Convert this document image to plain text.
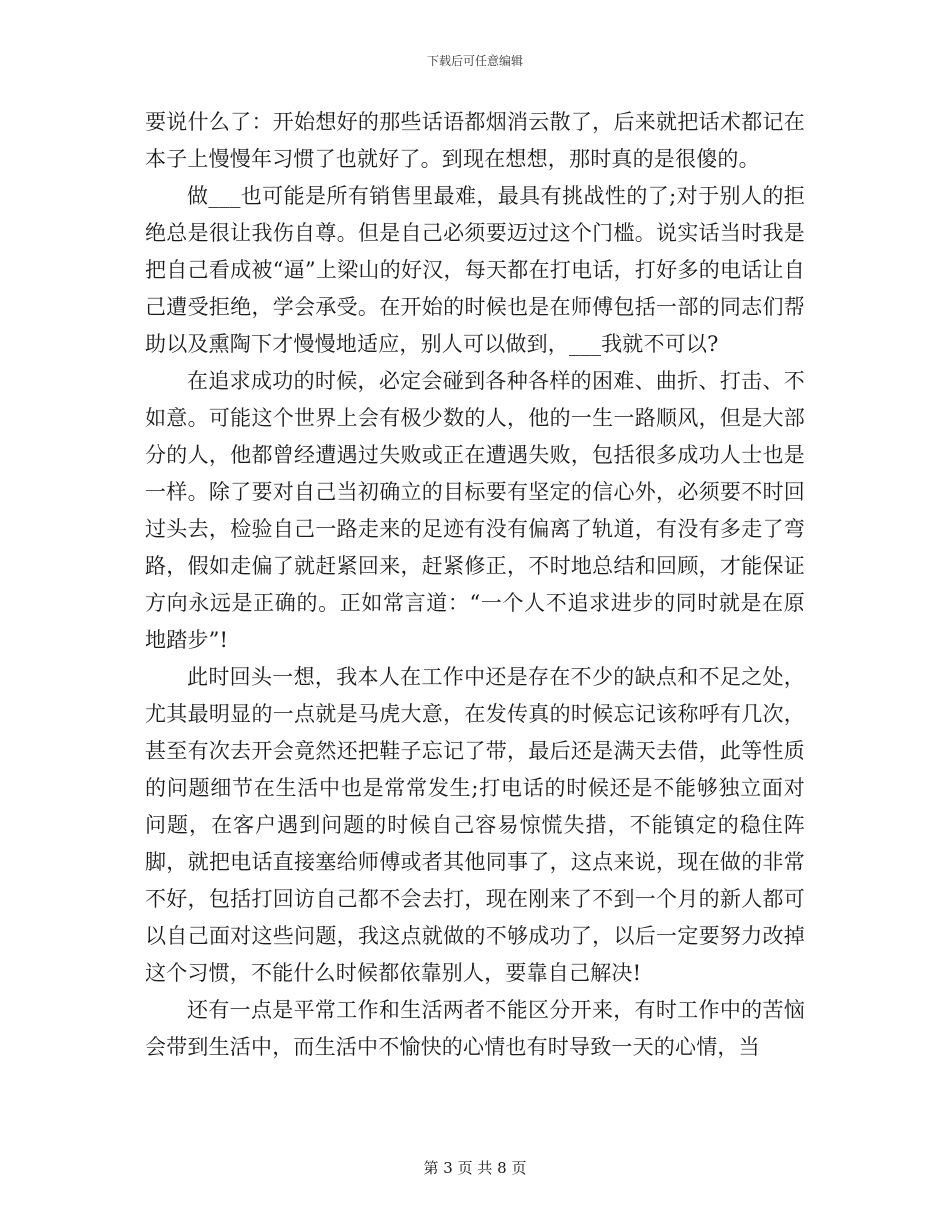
下载后可任意编辑

要说什么了：开始想好的那些话语都烟消云散了，后来就把话术都记在本子上慢慢年习惯了也就好了。到现在想想，那时真的是很傻的。

做___也可能是所有销售里最难，最具有挑战性的了;对于别人的拒绝总是很让我伤自尊。但是自己必须要迈过这个门槛。说实话当时我是把自己看成被“逼”上梁山的好汉，每天都在打电话，打好多的电话让自己遭受拒绝，学会承受。在开始的时候也是在师傅包括一部的同志们帮助以及熏陶下才慢慢地适应，别人可以做到，___我就不可以?

在追求成功的时候，必定会碰到各种各样的困难、曲折、打击、不如意。可能这个世界上会有极少数的人，他的一生一路顺风，但是大部分的人，他都曾经遭遇过失败或正在遭遇失败，包括很多成功人士也是一样。除了要对自己当初确立的目标要有坚定的信心外，必须要不时回过头去，检验自己一路走来的足迹有没有偏离了轨道，有没有多走了弯路，假如走偏了就赶紧回来，赶紧修正，不时地总结和回顾，才能保证方向永远是正确的。正如常言道：“一个人不追求进步的同时就是在原地踏步”!

此时回头一想，我本人在工作中还是存在不少的缺点和不足之处，尤其最明显的一点就是马虎大意，在发传真的时候忘记该称呼有几次，甚至有次去开会竟然还把鞋子忘记了带，最后还是满天去借，此等性质的问题细节在生活中也是常常发生;打电话的时候还是不能够独立面对问题，在客户遇到问题的时候自己容易惊慌失措，不能镇定的稳住阵脚，就把电话直接塞给师傅或者其他同事了，这点来说，现在做的非常不好，包括打回访自己都不会去打，现在刚来了不到一个月的新人都可以自己面对这些问题，我这点就做的不够成功了，以后一定要努力改掉这个习惯，不能什么时候都依靠别人，要靠自己解决!

还有一点是平常工作和生活两者不能区分开来，有时工作中的苦恼会带到生活中，而生活中不愉快的心情也有时导致一天的心情，当

第 3 页 共 8 页
